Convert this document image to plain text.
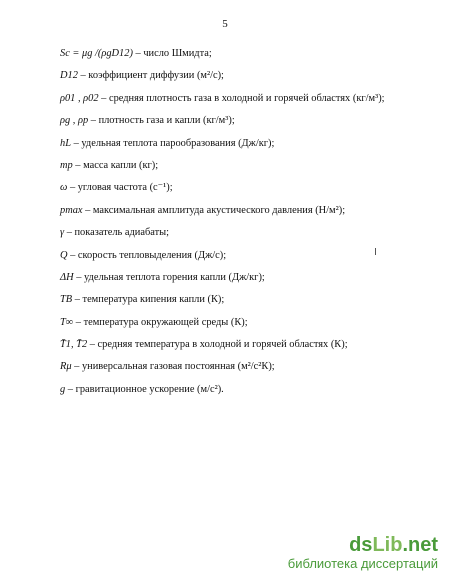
5
Sc = μg /(ρgD12) – число Шмидта;
D12 – коэффициент диффузии (м²/с);
ρ01 , ρ02 – средняя плотность газа в холодной и горячей областях (кг/м³);
ρg , ρp – плотность газа и капли (кг/м³);
hL – удельная теплота парообразования (Дж/кг);
mp – масса капли (кг);
ω – угловая частота (с⁻¹);
pmax – максимальная амплитуда акустического давления (Н/м²);
γ – показатель адиабаты;
Q – скорость тепловыделения (Дж/с);
ΔH – удельная теплота горения капли (Дж/кг);
TB – температура кипения капли (К);
T∞ – температура окружающей среды (К);
T̄1, T̄2 – средняя температура в холодной и горячей областях (К);
Rμ – универсальная газовая постоянная (м²/с²К);
g – гравитационное ускорение (м/с²).
dsLib.net
библиотека диссертаций
